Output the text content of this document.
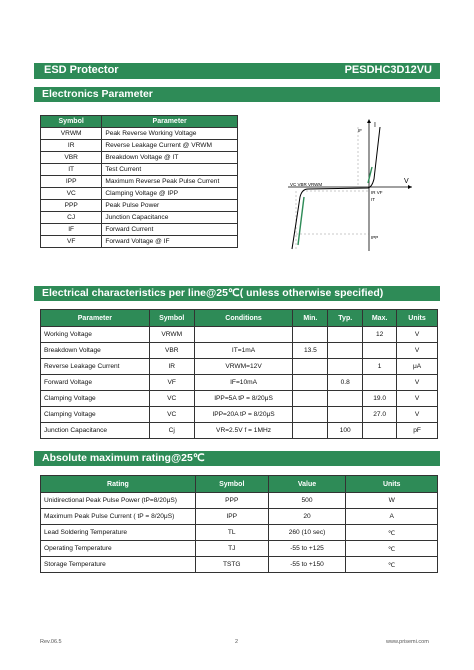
ESD Protector	PESDHC3D12VU
Electronics Parameter
Symbol	Parameter
VRWM	Peak Reverse Working Voltage
IR	Reverse Leakage Current @ VRWM
VBR	Breakdown Voltage @ IT
IT	Test Current
IPP	Maximum Reverse Peak Pulse Current
VC	Clamping Voltage @ IPP
PPP	Peak Pulse Power
CJ	Junction Capacitance
IF	Forward Current
VF	Forward Voltage @ IF
I
V
IF
VC VBR VRWM
IR VF
IT
IPP
Electrical characteristics per line@25℃( unless otherwise specified)
Parameter	Symbol	Conditions	Min.	Typ.	Max.	Units
Working Voltage	VRWM				12	V
Breakdown Voltage	VBR	IT=1mA	13.5			V
Reverse Leakage Current	IR	VRWM=12V			1	μA
Forward Voltage	VF	IF=10mA		0.8		V
Clamping Voltage	VC	IPP=5A tP = 8/20μS			19.0	V
Clamping Voltage	VC	IPP=20A tP = 8/20μS			27.0	V
Junction Capacitance	Cj	VR=2.5V f = 1MHz		100		pF
Absolute maximum rating@25℃
Rating	Symbol	Value	Units
Unidirectional Peak Pulse Power (tP=8/20μS)	PPP	500	W
Maximum Peak Pulse Current ( tP = 8/20μS)	IPP	20	A
Lead Soldering Temperature	TL	260 (10 sec)	℃
Operating Temperature	TJ	-55 to +125	℃
Storage Temperature	TSTG	-55 to +150	℃
Rev.06.5	2	www.prisemi.com
